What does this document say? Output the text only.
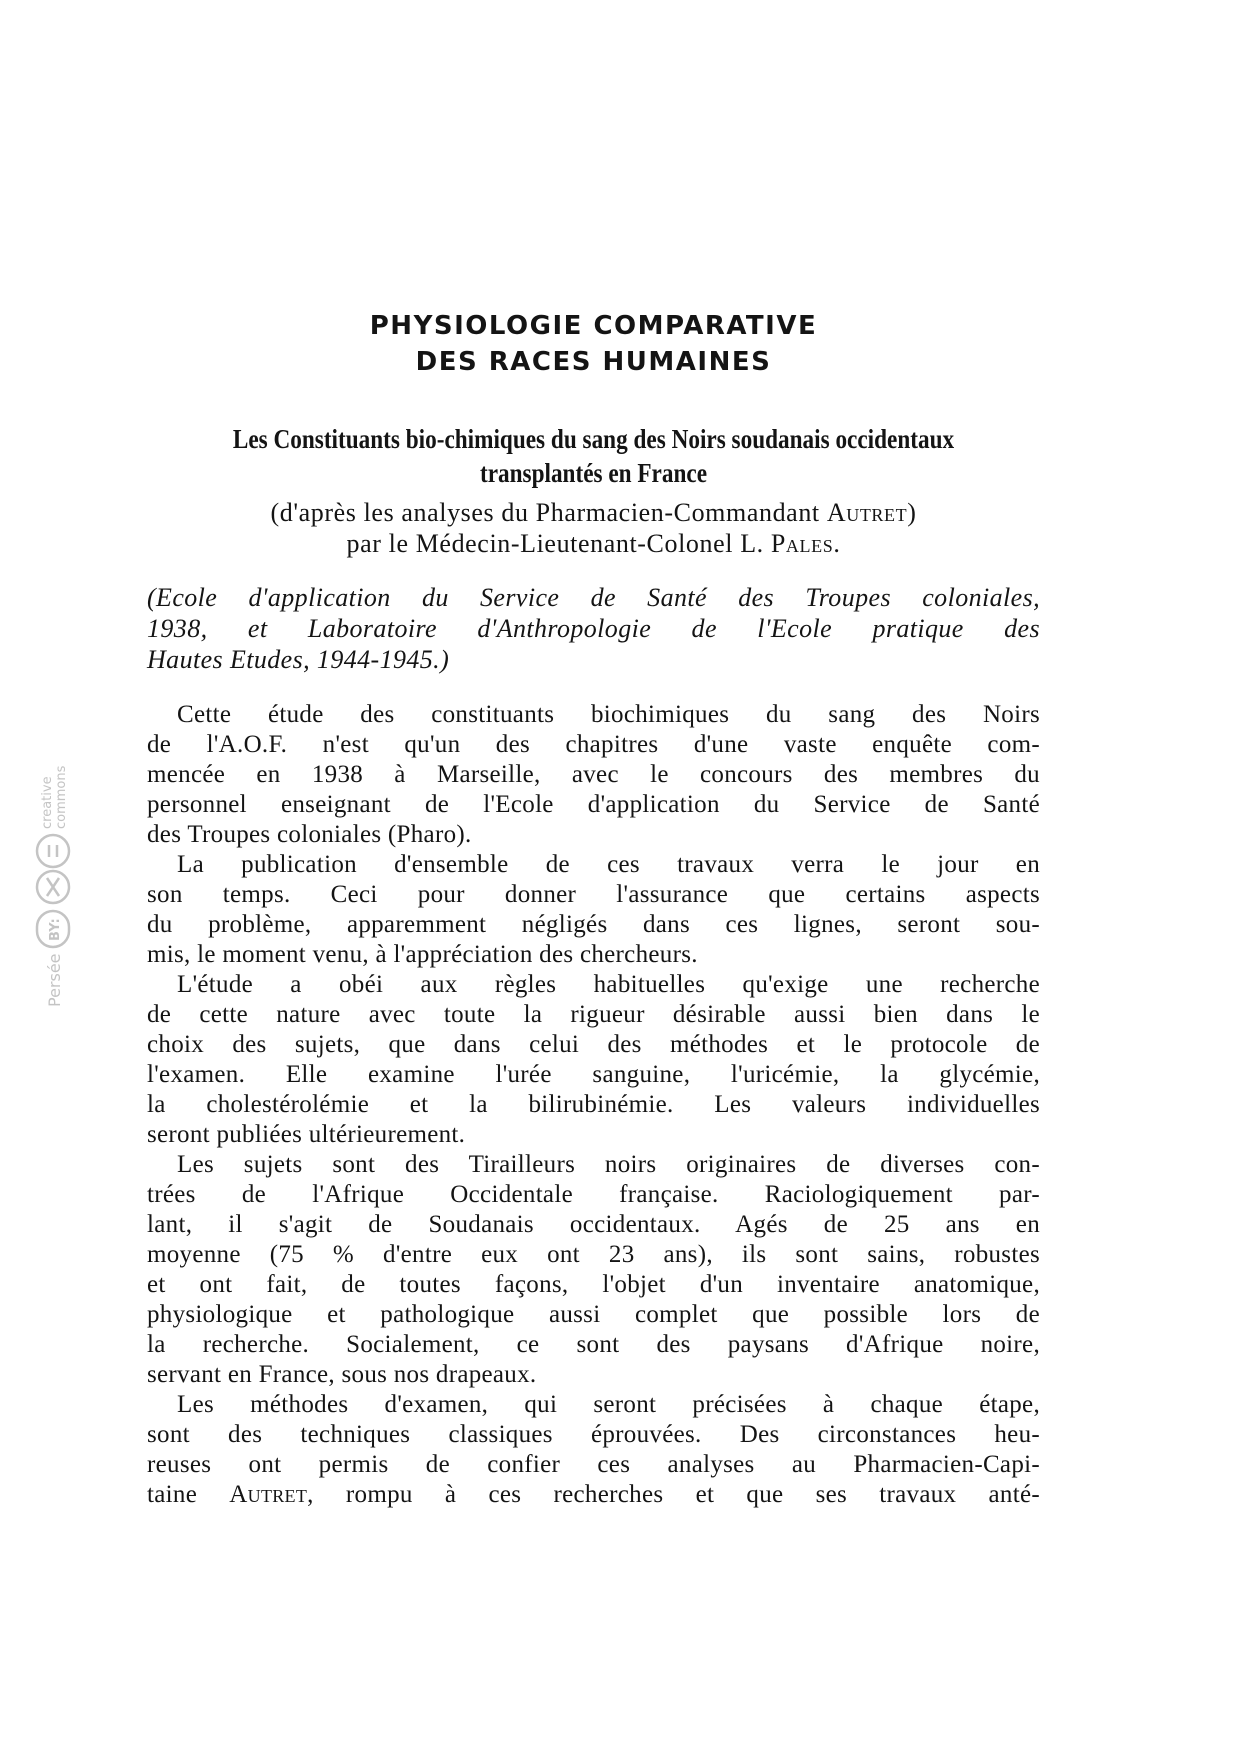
Persée
BY:
creative commons
PHYSIOLOGIE COMPARATIVE
DES RACES HUMAINES
Les Constituants bio-chimiques du sang des Noirs soudanais occidentaux
transplantés en France
(d'après les analyses du Pharmacien-Commandant Autret)
par le Médecin-Lieutenant-Colonel L. Pales.
(Ecole d'application du Service de Santé des Troupes coloniales,
1938, et Laboratoire d'Anthropologie de l'Ecole pratique des
Hautes Etudes, 1944-1945.)

Cette étude des constituants biochimiques du sang des Noirs
de l'A.O.F. n'est qu'un des chapitres d'une vaste enquête com-
mencée en 1938 à Marseille, avec le concours des membres du
personnel enseignant de l'Ecole d'application du Service de Santé
des Troupes coloniales (Pharo).

La publication d'ensemble de ces travaux verra le jour en
son temps. Ceci pour donner l'assurance que certains aspects
du problème, apparemment négligés dans ces lignes, seront sou-
mis, le moment venu, à l'appréciation des chercheurs.

L'étude a obéi aux règles habituelles qu'exige une recherche
de cette nature avec toute la rigueur désirable aussi bien dans le
choix des sujets, que dans celui des méthodes et le protocole de
l'examen. Elle examine l'urée sanguine, l'uricémie, la glycémie,
la cholestérolémie et la bilirubinémie. Les valeurs individuelles
seront publiées ultérieurement.

Les sujets sont des Tirailleurs noirs originaires de diverses con-
trées de l'Afrique Occidentale française. Raciologiquement par-
lant, il s'agit de Soudanais occidentaux. Agés de 25 ans en
moyenne (75 % d'entre eux ont 23 ans), ils sont sains, robustes
et ont fait, de toutes façons, l'objet d'un inventaire anatomique,
physiologique et pathologique aussi complet que possible lors de
la recherche. Socialement, ce sont des paysans d'Afrique noire,
servant en France, sous nos drapeaux.

Les méthodes d'examen, qui seront précisées à chaque étape,
sont des techniques classiques éprouvées. Des circonstances heu-
reuses ont permis de confier ces analyses au Pharmacien-Capi-
taine Autret, rompu à ces recherches et que ses travaux anté-
